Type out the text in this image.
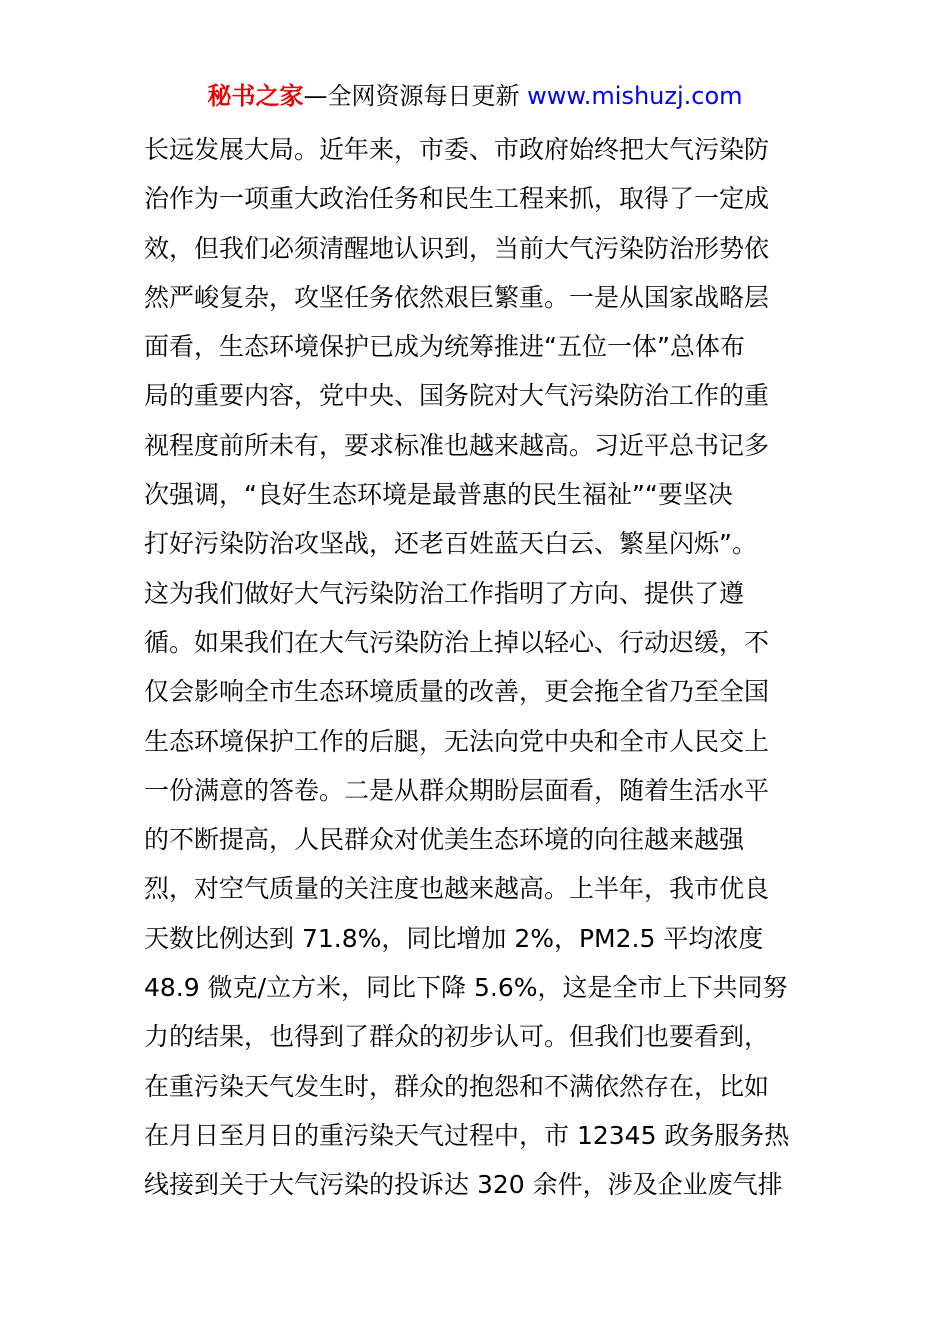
秘书之家—全网资源每日更新 www.mishuzj.com
长远发展大局。近年来，市委、市政府始终把大气污染防
治作为一项重大政治任务和民生工程来抓，取得了一定成
效，但我们必须清醒地认识到，当前大气污染防治形势依
然严峻复杂，攻坚任务依然艰巨繁重。一是从国家战略层
面看，生态环境保护已成为统筹推进“五位一体”总体布
局的重要内容，党中央、国务院对大气污染防治工作的重
视程度前所未有，要求标准也越来越高。习近平总书记多
次强调，“良好生态环境是最普惠的民生福祉”“要坚决
打好污染防治攻坚战，还老百姓蓝天白云、繁星闪烁”。
这为我们做好大气污染防治工作指明了方向、提供了遵
循。如果我们在大气污染防治上掉以轻心、行动迟缓，不
仅会影响全市生态环境质量的改善，更会拖全省乃至全国
生态环境保护工作的后腿，无法向党中央和全市人民交上
一份满意的答卷。二是从群众期盼层面看，随着生活水平
的不断提高，人民群众对优美生态环境的向往越来越强
烈，对空气质量的关注度也越来越高。上半年，我市优良
天数比例达到 71.8%，同比增加 2%，PM2.5 平均浓度
48.9 微克/立方米，同比下降 5.6%，这是全市上下共同努
力的结果，也得到了群众的初步认可。但我们也要看到，
在重污染天气发生时，群众的抱怨和不满依然存在，比如
在月日至月日的重污染天气过程中，市 12345 政务服务热
线接到关于大气污染的投诉达 320 余件，涉及企业废气排
